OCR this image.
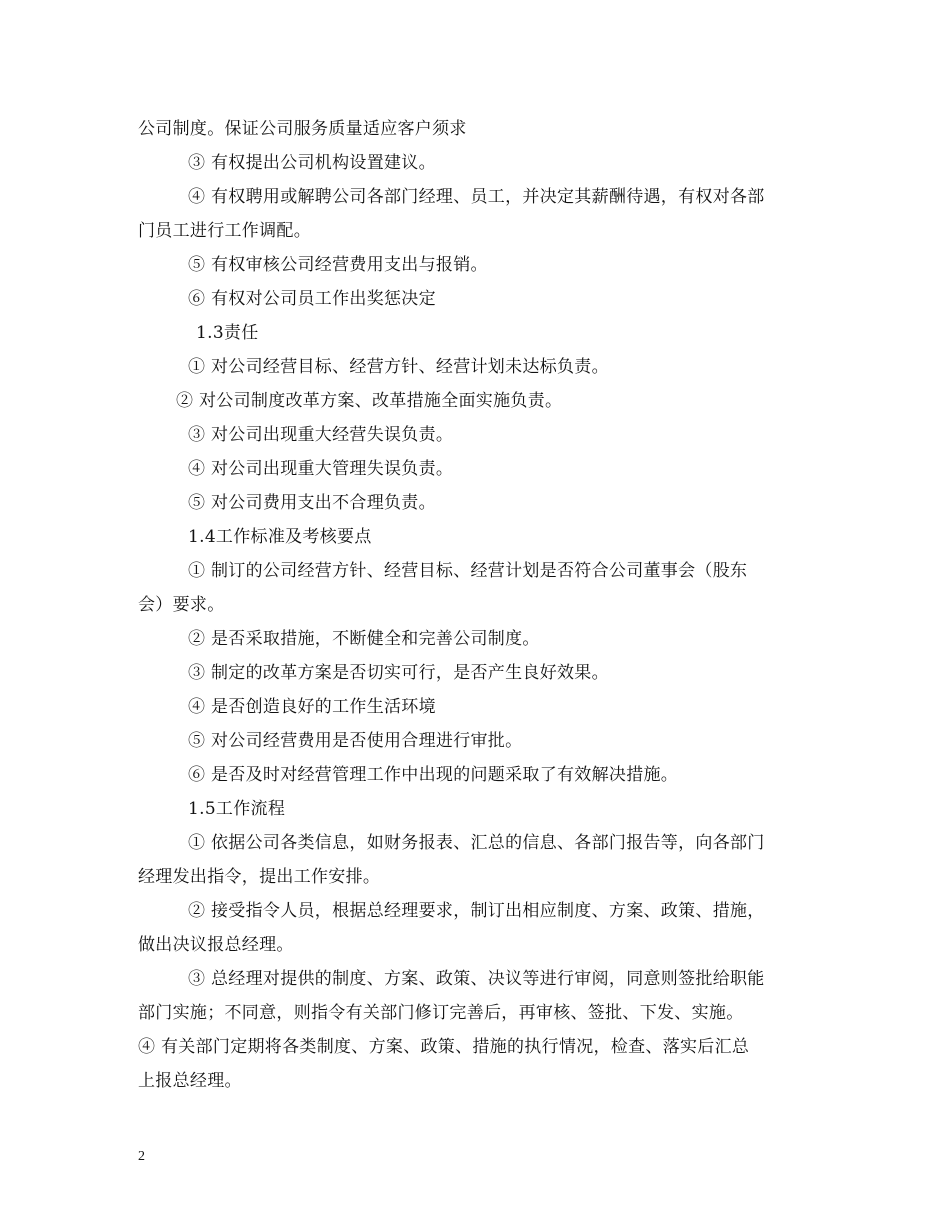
公司制度。保证公司服务质量适应客户须求
③ 有权提出公司机构设置建议。
④ 有权聘用或解聘公司各部门经理、员工，并决定其薪酬待遇，有权对各部
门员工进行工作调配。
⑤ 有权审核公司经营费用支出与报销。
⑥ 有权对公司员工作出奖惩决定
1.3责任
① 对公司经营目标、经营方针、经营计划未达标负责。
② 对公司制度改革方案、改革措施全面实施负责。
③ 对公司出现重大经营失误负责。
④ 对公司出现重大管理失误负责。
⑤ 对公司费用支出不合理负责。
1.4工作标准及考核要点
① 制订的公司经营方针、经营目标、经营计划是否符合公司董事会（股东
会）要求。
② 是否采取措施，不断健全和完善公司制度。
③ 制定的改革方案是否切实可行，是否产生良好效果。
④ 是否创造良好的工作生活环境
⑤ 对公司经营费用是否使用合理进行审批。
⑥ 是否及时对经营管理工作中出现的问题采取了有效解决措施。
1.5工作流程
① 依据公司各类信息，如财务报表、汇总的信息、各部门报告等，向各部门
经理发出指令，提出工作安排。
② 接受指令人员，根据总经理要求，制订出相应制度、方案、政策、措施，
做出决议报总经理。
③ 总经理对提供的制度、方案、政策、决议等进行审阅，同意则签批给职能
部门实施；不同意，则指令有关部门修订完善后，再审核、签批、下发、实施。
④ 有关部门定期将各类制度、方案、政策、措施的执行情况，检查、落实后汇总
上报总经理。
2
